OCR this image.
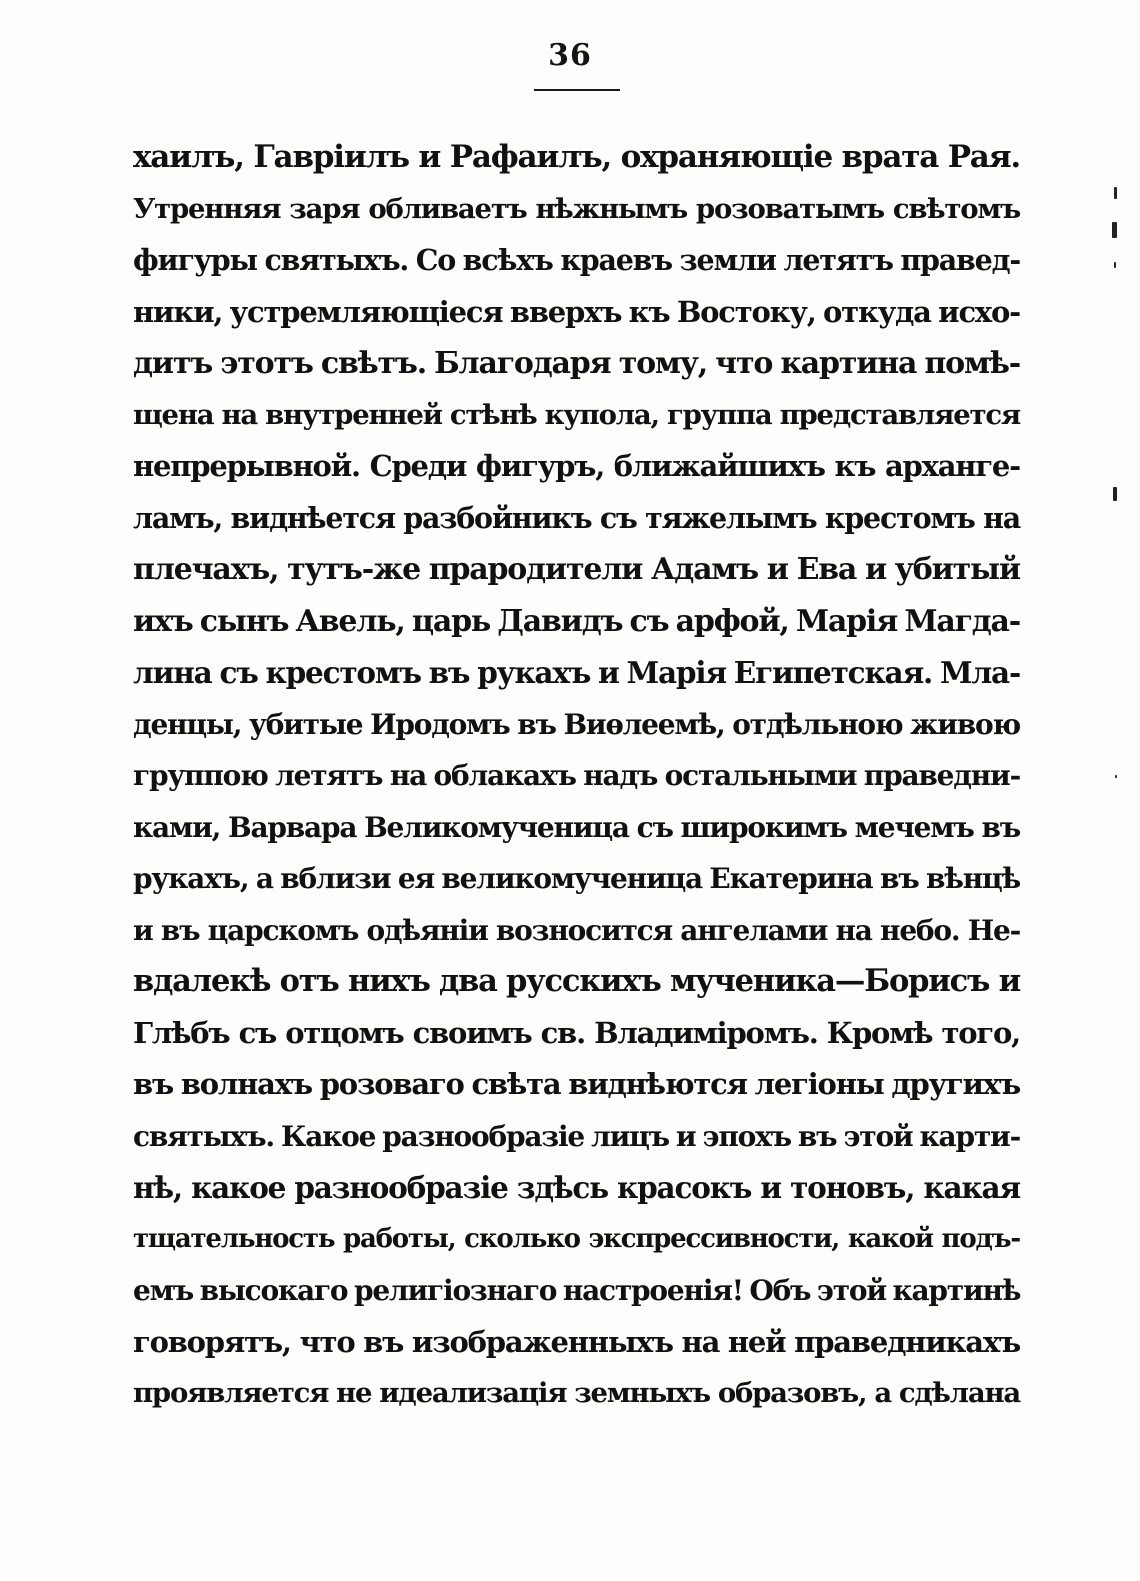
36
хаилъ, Гавріилъ и Рафаилъ, охраняющіе врата Рая.
Утренняя заря обливаетъ нѣжнымъ розоватымъ свѣтомъ
фигуры святыхъ. Со всѣхъ краевъ земли летятъ правед-
ники, устремляющіеся вверхъ къ Востоку, откуда исхо-
дитъ этотъ свѣтъ. Благодаря тому, что картина помѣ-
щена на внутренней стѣнѣ купола, группа представляется
непрерывной. Среди фигуръ, ближайшихъ къ арханге-
ламъ, виднѣется разбойникъ съ тяжелымъ крестомъ на
плечахъ, тутъ-же прародители Адамъ и Ева и убитый
ихъ сынъ Авель, царь Давидъ съ арфой, Марія Магда-
лина съ крестомъ въ рукахъ и Марія Египетская. Мла-
денцы, убитые Иродомъ въ Виѳлеемѣ, отдѣльною живою
группою летятъ на облакахъ надъ остальными праведни-
ками, Варвара Великомученица съ широкимъ мечемъ въ
рукахъ, а вблизи ея великомученица Екатерина въ вѣнцѣ
и въ царскомъ одѣяніи возносится ангелами на небо. Не-
вдалекѣ отъ нихъ два русскихъ мученика—Борисъ и
Глѣбъ съ отцомъ своимъ св. Владиміромъ. Кромѣ того,
въ волнахъ розоваго свѣта виднѣются легіоны другихъ
святыхъ. Какое разнообразіе лицъ и эпохъ въ этой карти-
нѣ, какое разнообразіе здѣсь красокъ и тоновъ, какая
тщательность работы, сколько экспрессивности, какой подъ-
емъ высокаго религіознаго настроенія! Объ этой картинѣ
говорятъ, что въ изображенныхъ на ней праведникахъ
проявляется не идеализація земныхъ образовъ, а сдѣлана
